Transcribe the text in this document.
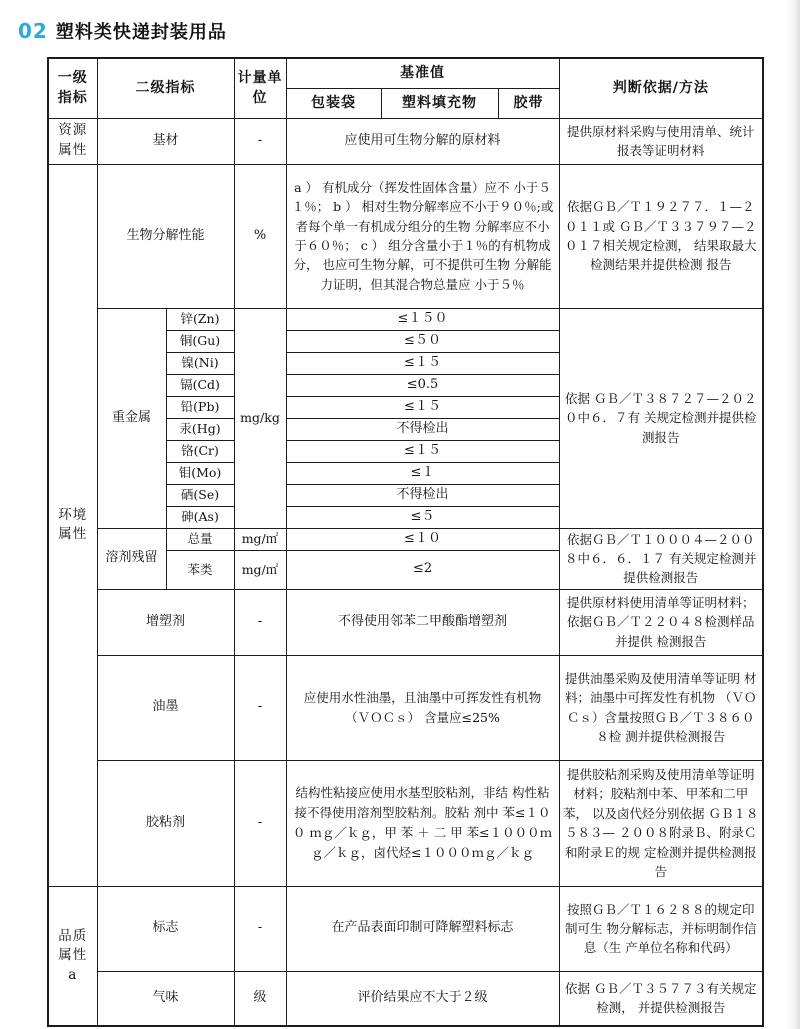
02 塑料类快递封装用品
一级指标	二级指标		计量单位	基准值			判断依据/方法
				包装袋	塑料填充物	胶带	
资源属性	基材		-	应使用可生物分解的原材料			提供原材料采购与使用清单、统计 报表等证明材料
环境属性	生物分解性能		%	a ） 有机成分（挥发性固体含量）应不 小于５１％； b ） 相对生物分解率应不小于９０％;或 者每个单一有机成分组分的生物 分解率应不小于６０％； c ） 组分含量小于１％的有机物成分， 也应可生物分解，可不提供可生物 分解能力证明，但其混合物总量应 小于５％			依据ＧＢ／Ｔ１９２７７．１—２０１１或 ＧＢ／Ｔ３３７９７—２０１７相关规定检测， 结果取最大检测结果并提供检测 报告
	重金属	锌(Zn)	mg/kg	≤１５０			依据 ＧＢ／Ｔ３８７２７—２０２０中６．７有 关规定检测并提供检测报告
		铜(Gu)		≤５０			
		镍(Ni)		≤１５			
		镉(Cd)		≤0.5			
		铅(Pb)		≤１５			
		汞(Hg)		不得检出			
		铬(Cr)		≤１５			
		钼(Mo)		≤１			
		硒(Se)		不得检出			
		砷(As)		≤５			
	溶剂残留	总量	mg/㎡	≤１０			依据ＧＢ／Ｔ１０００４—２００８中６．６．１７ 有关规定检测并提供检测报告
		苯类	mg/㎡	≤2			
	增塑剂		-	不得使用邻苯二甲酸酯增塑剂			提供原材料使用清单等证明材料； 依据ＧＢ／Ｔ２２０４８检测样品并提供 检测报告
	油墨		-	应使用水性油墨，且油墨中可挥发性有机物 （ＶＯＣｓ） 含量应≤25%			提供油墨采购及使用清单等证明 材料；油墨中可挥发性有机物 （ＶＯＣｓ）含量按照ＧＢ／Ｔ３８６０８检 测并提供检测报告
	胶粘剂		-	结构性粘接应使用水基型胶粘剂，非结 构性粘接不得使用溶剂型胶粘剂。胶粘 剂中 苯≤１００ ｍｇ／ｋｇ，甲 苯 ＋ 二 甲 苯≤１０００ｍｇ／ｋｇ，卤代烃≤１０００ｍｇ／ｋｇ			提供胶粘剂采购及使用清单等证明 材料；胶粘剂中苯、甲苯和二甲苯， 以及卤代烃分别依据 ＧＢ１８５８３— ２００８附录Ｂ、附录Ｃ和附录Ｅ的规 定检测并提供检测报告
品质属性 a	标志		-	在产品表面印制可降解塑料标志			按照ＧＢ／Ｔ１６２８８的规定印制可生 物分解标志，并标明制作信息（生 产单位名称和代码）
	气味		级	评价结果应不大于２级			依据 ＧＢ／Ｔ３５７７３有关规定检测， 并提供检测报告
